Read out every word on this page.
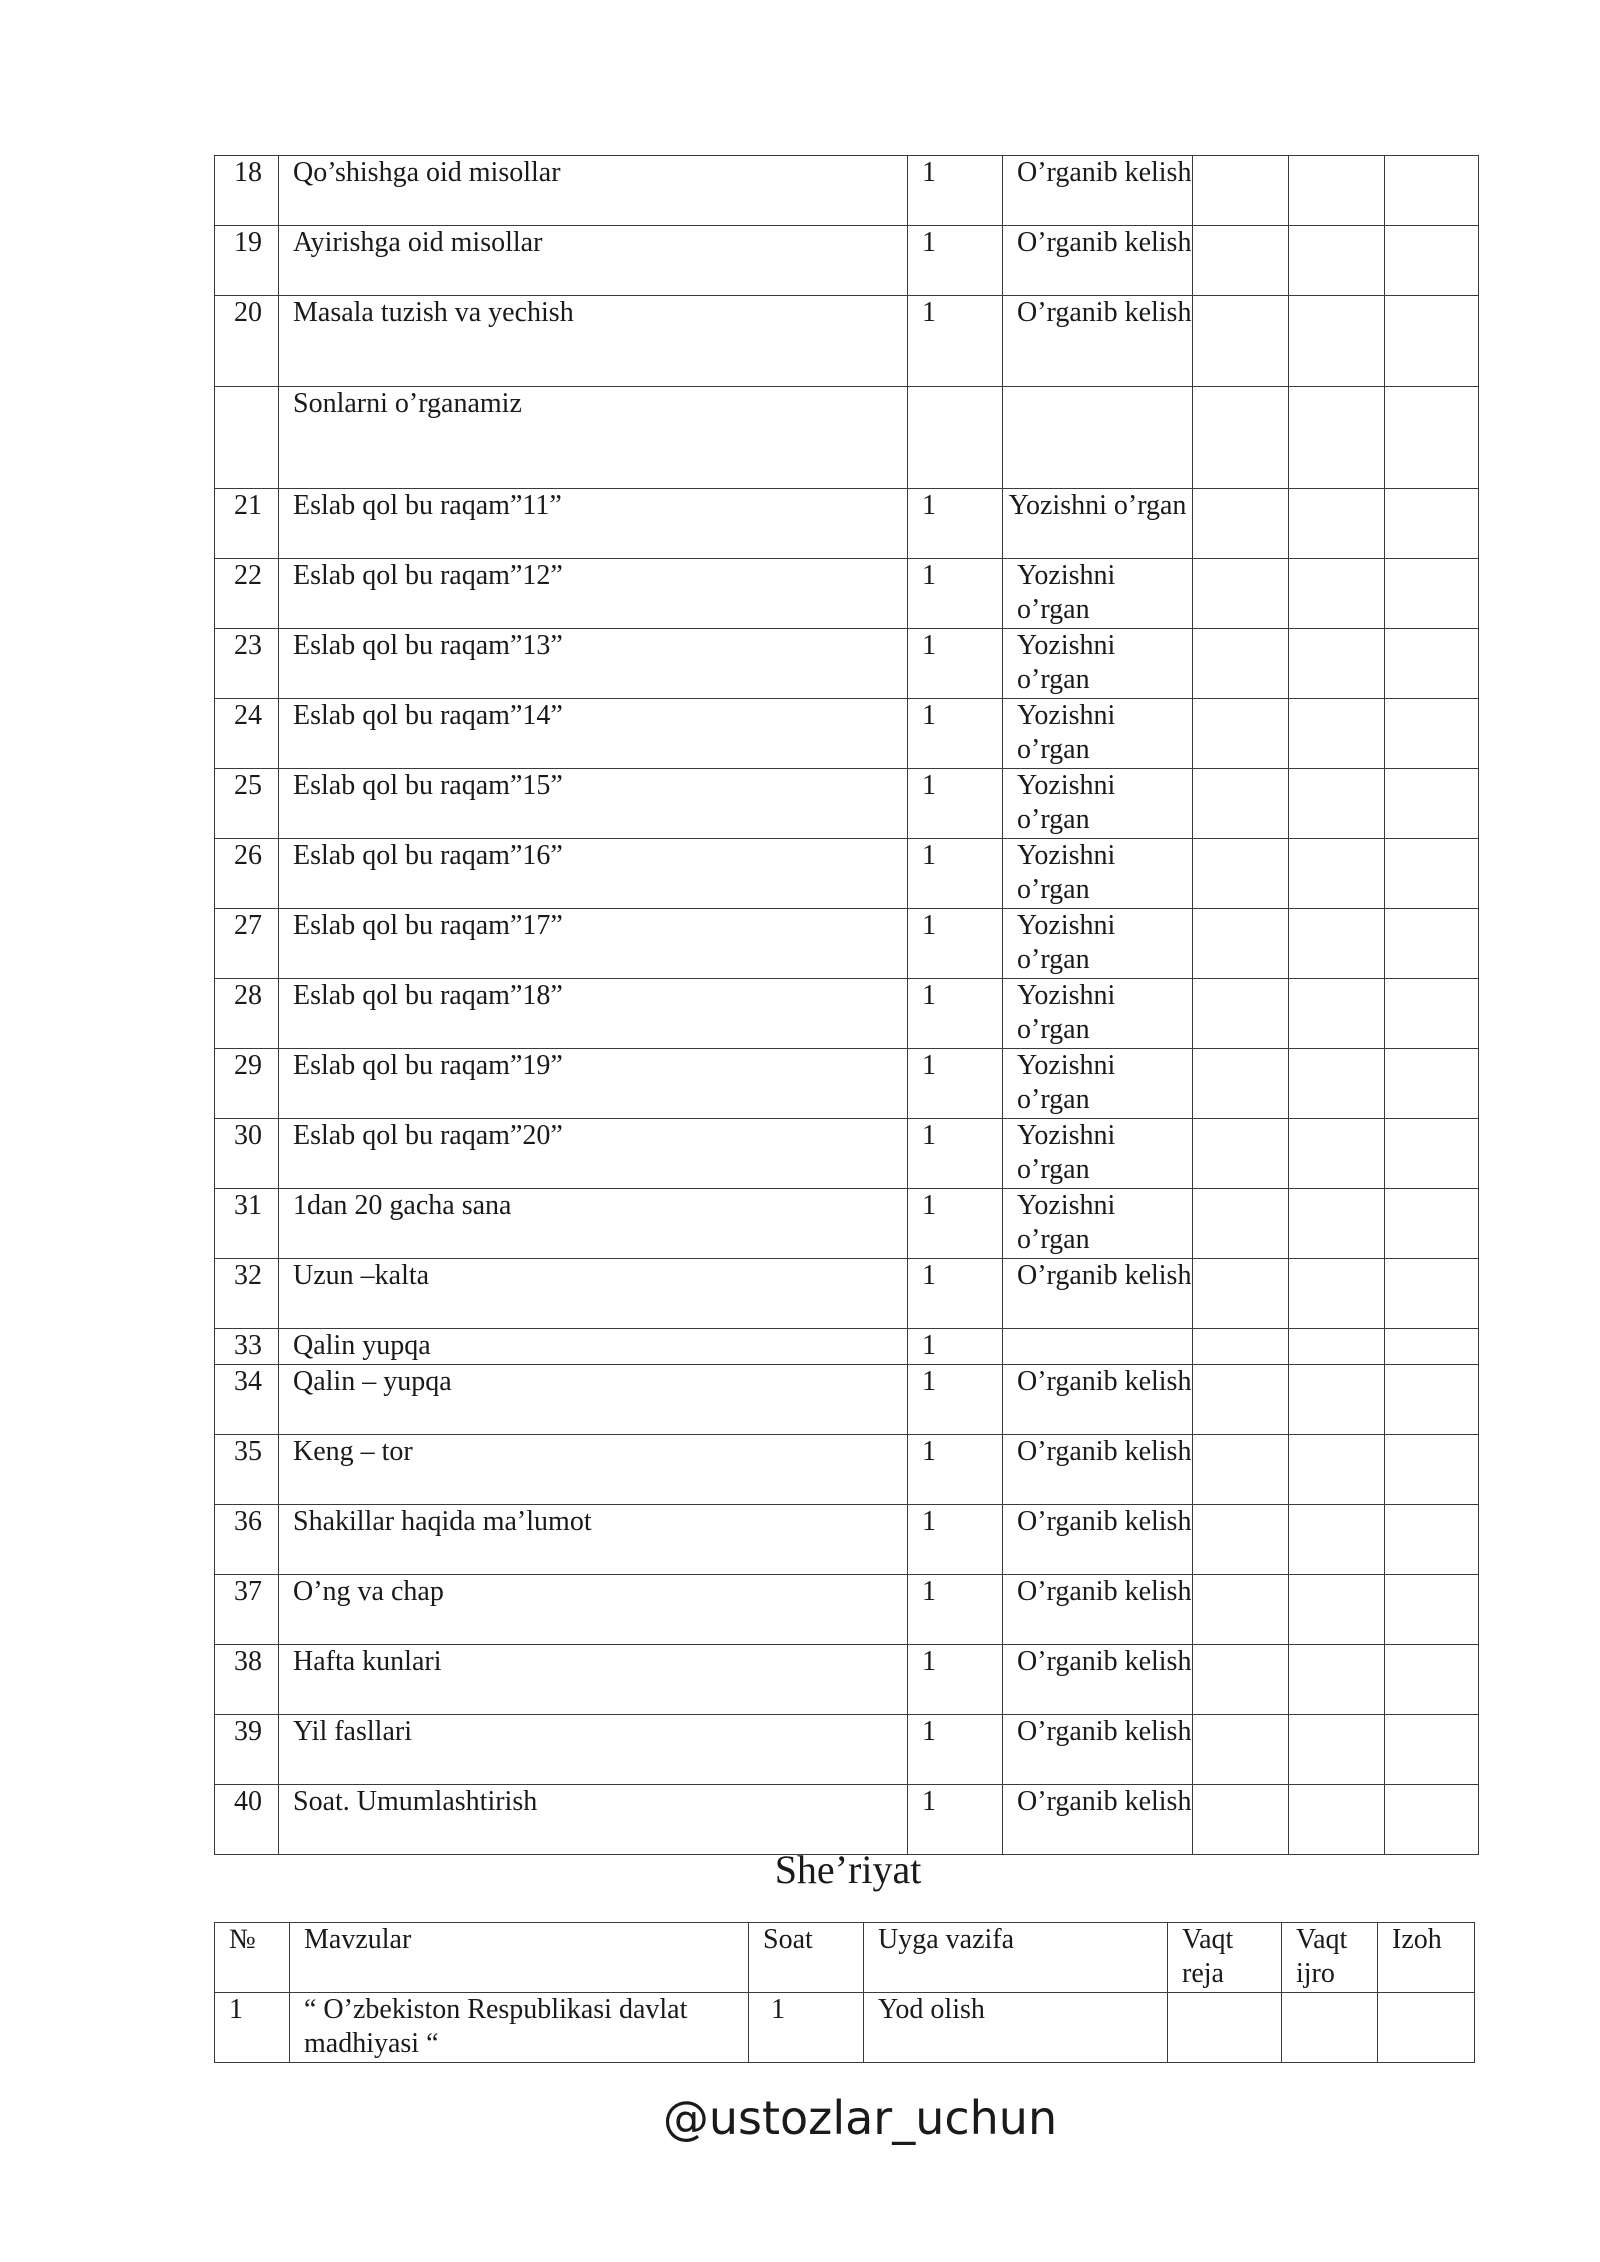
18	Qo’shishga oid misollar	1	O’rganib kelish			
19	Ayirishga oid misollar	1	O’rganib kelish			
20	Masala tuzish va yechish	1	O’rganib kelish			
	Sonlarni o’rganamiz					
21	Eslab qol bu raqam”11”	1	Yozishni o’rgan			
22	Eslab qol bu raqam”12”	1	Yozishni o’rgan			
23	Eslab qol bu raqam”13”	1	Yozishni o’rgan			
24	Eslab qol bu raqam”14”	1	Yozishni o’rgan			
25	Eslab qol bu raqam”15”	1	Yozishni o’rgan			
26	Eslab qol bu raqam”16”	1	Yozishni o’rgan			
27	Eslab qol bu raqam”17”	1	Yozishni o’rgan			
28	Eslab qol bu raqam”18”	1	Yozishni o’rgan			
29	Eslab qol bu raqam”19”	1	Yozishni o’rgan			
30	Eslab qol bu raqam”20”	1	Yozishni o’rgan			
31	1dan 20 gacha sana	1	Yozishni o’rgan			
32	Uzun –kalta	1	O’rganib kelish			
33	Qalin yupqa	1				
34	Qalin – yupqa	1	O’rganib kelish			
35	Keng – tor	1	O’rganib kelish			
36	Shakillar haqida ma’lumot	1	O’rganib kelish			
37	O’ng va chap	1	O’rganib kelish			
38	Hafta kunlari	1	O’rganib kelish			
39	Yil fasllari	1	O’rganib kelish			
40	Soat. Umumlashtirish	1	O’rganib kelish			
She’riyat
№	Mavzular	Soat	Uyga vazifa	Vaqt reja	Vaqt ijro	Izoh
1	“ O’zbekiston Respublikasi davlat madhiyasi “	1	Yod olish			
@ustozlar_uchun
